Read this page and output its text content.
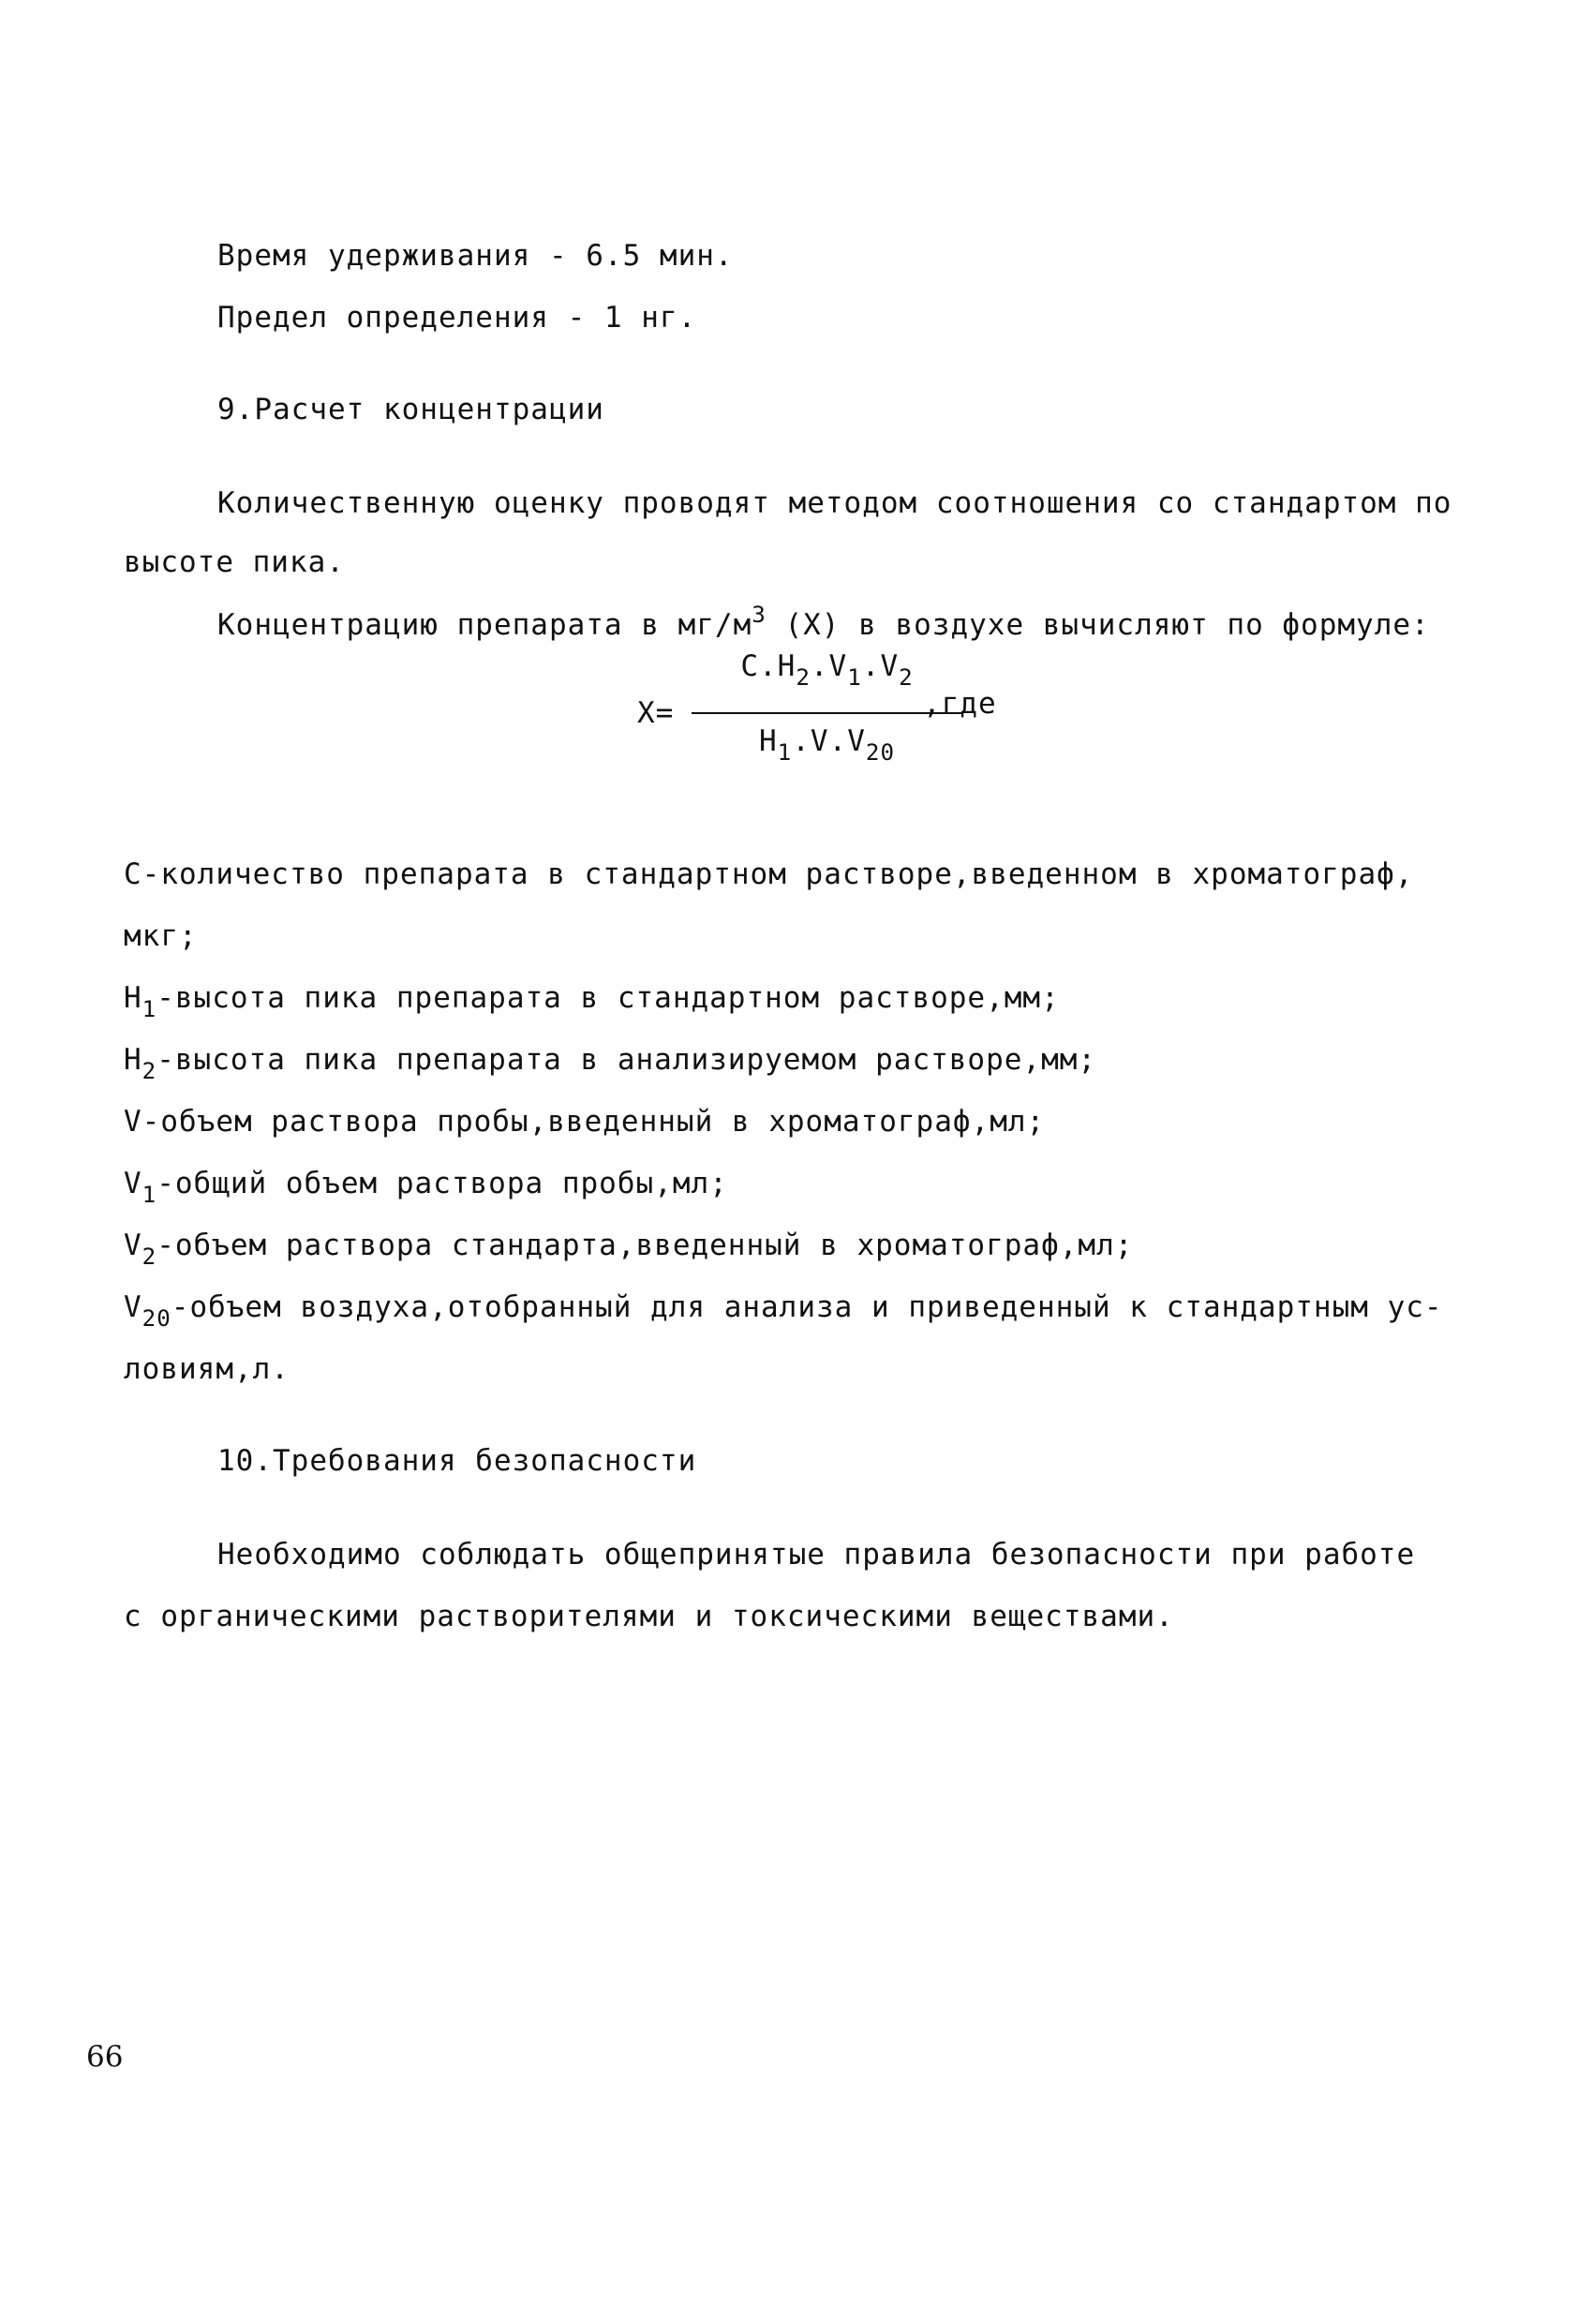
Время удерживания - 6.5 мин.
Предел определения - 1 нг.
9.Расчет концентрации
Количественную оценку проводят методом соотношения со стандартом по
высоте пика.
Концентрацию препарата в $мг/м^3$ (X) в воздухе вычисляют по формуле:
X=
$С.Н_2.V_1.V_2$
$Н_1.V.V_{20}$
,где
С-количество препарата в стандартном растворе,введенном в хроматограф,
мкг;
$Н_1$-высота пика препарата в стандартном растворе,мм;
$Н_2$-высота пика препарата в анализируемом растворе,мм;
V-объем раствора пробы,введенный в хроматограф,мл;
$V_1$-общий объем раствора пробы,мл;
$V_2$-объем раствора стандарта,введенный в хроматограф,мл;
$V_{20}$-объем воздуха,отобранный для анализа и приведенный к стандартным ус-
ловиям,л.
10.Требования безопасности
Необходимо соблюдать общепринятые правила безопасности при работе
с органическими растворителями и токсическими веществами.
66
